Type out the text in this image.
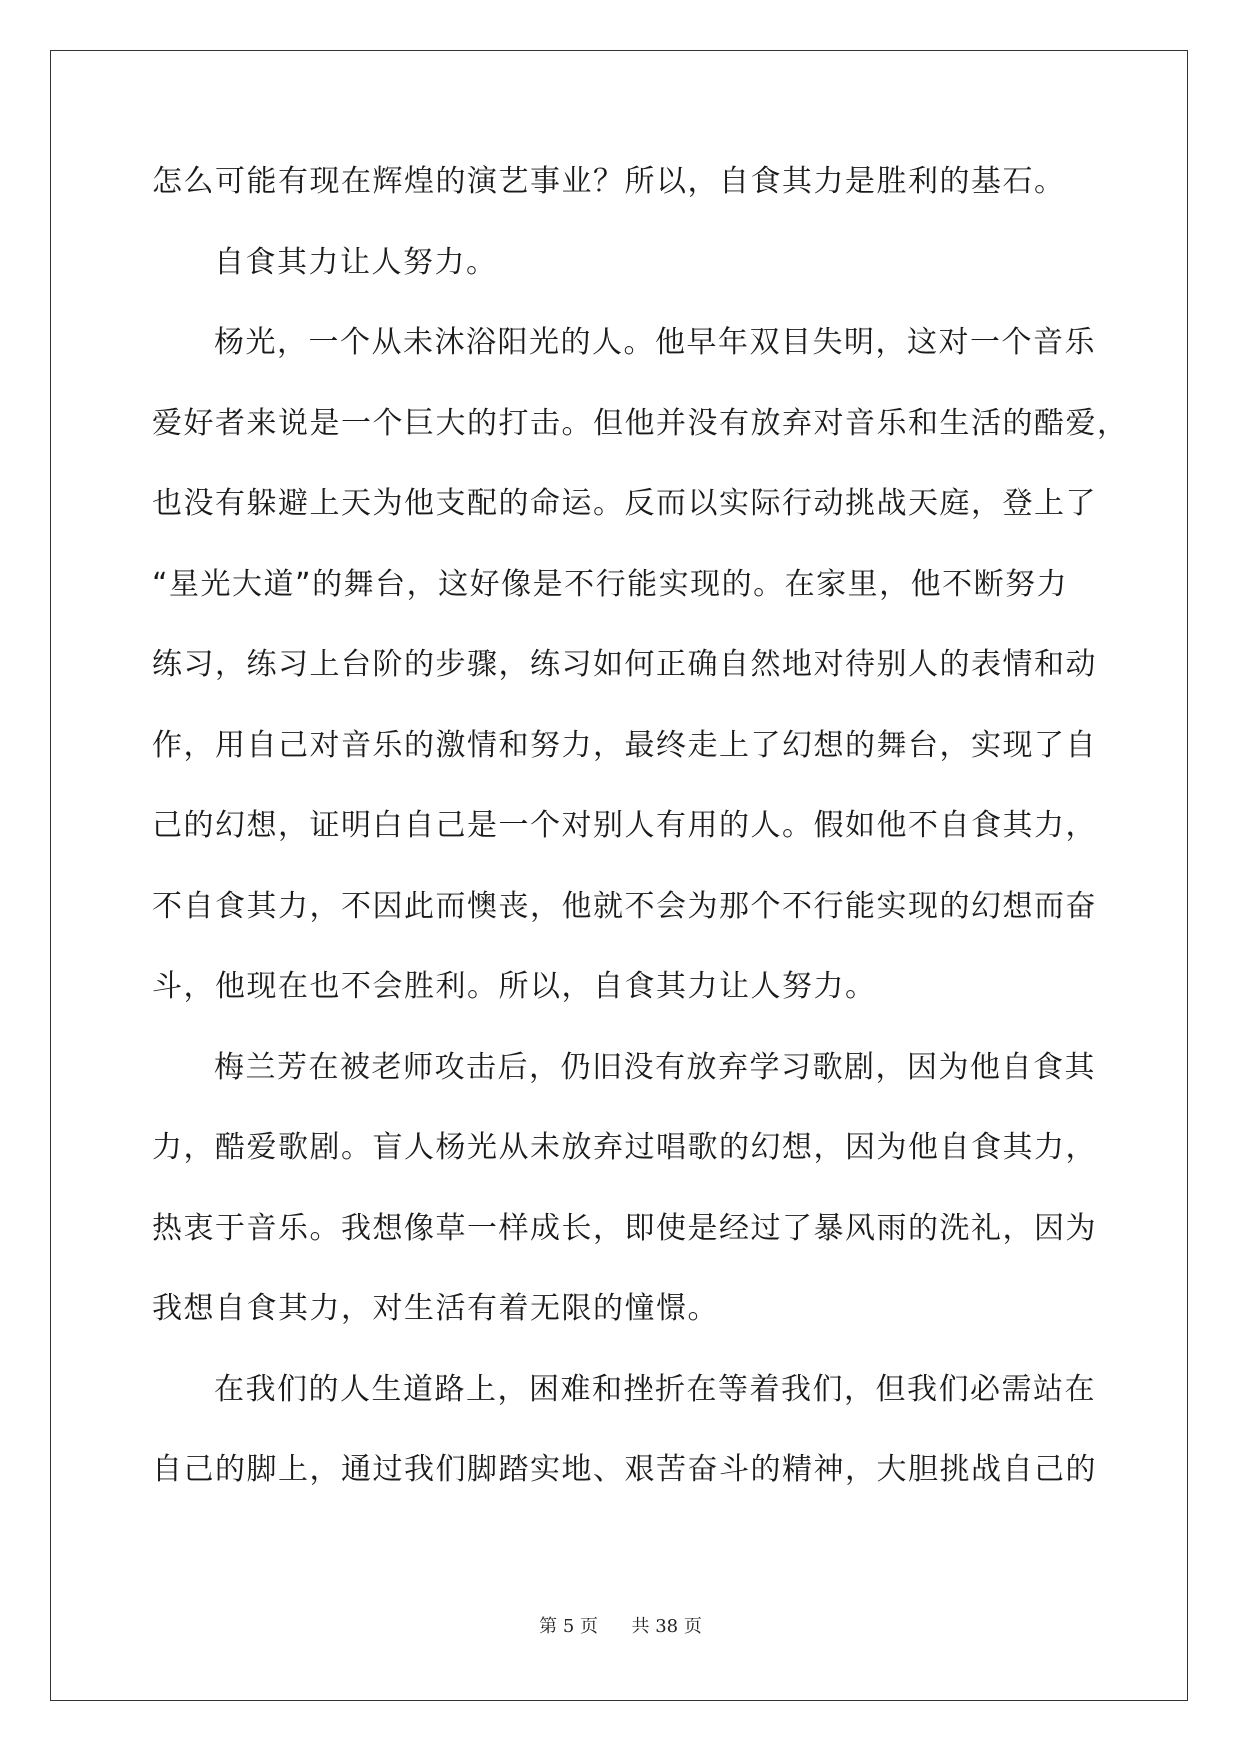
怎么可能有现在辉煌的演艺事业？所以，自食其力是胜利的基石。
自食其力让人努力。
杨光，一个从未沐浴阳光的人。他早年双目失明，这对一个音乐
爱好者来说是一个巨大的打击。但他并没有放弃对音乐和生活的酷爱，
也没有躲避上天为他支配的命运。反而以实际行动挑战天庭，登上了
“星光大道”的舞台，这好像是不行能实现的。在家里，他不断努力
练习，练习上台阶的步骤，练习如何正确自然地对待别人的表情和动
作，用自己对音乐的激情和努力，最终走上了幻想的舞台，实现了自
己的幻想，证明白自己是一个对别人有用的人。假如他不自食其力，
不自食其力，不因此而懊丧，他就不会为那个不行能实现的幻想而奋
斗，他现在也不会胜利。所以，自食其力让人努力。
梅兰芳在被老师攻击后，仍旧没有放弃学习歌剧，因为他自食其
力，酷爱歌剧。盲人杨光从未放弃过唱歌的幻想，因为他自食其力，
热衷于音乐。我想像草一样成长，即使是经过了暴风雨的洗礼，因为
我想自食其力，对生活有着无限的憧憬。
在我们的人生道路上，困难和挫折在等着我们，但我们必需站在
自己的脚上，通过我们脚踏实地、艰苦奋斗的精神，大胆挑战自己的
第 5 页 共 38 页
